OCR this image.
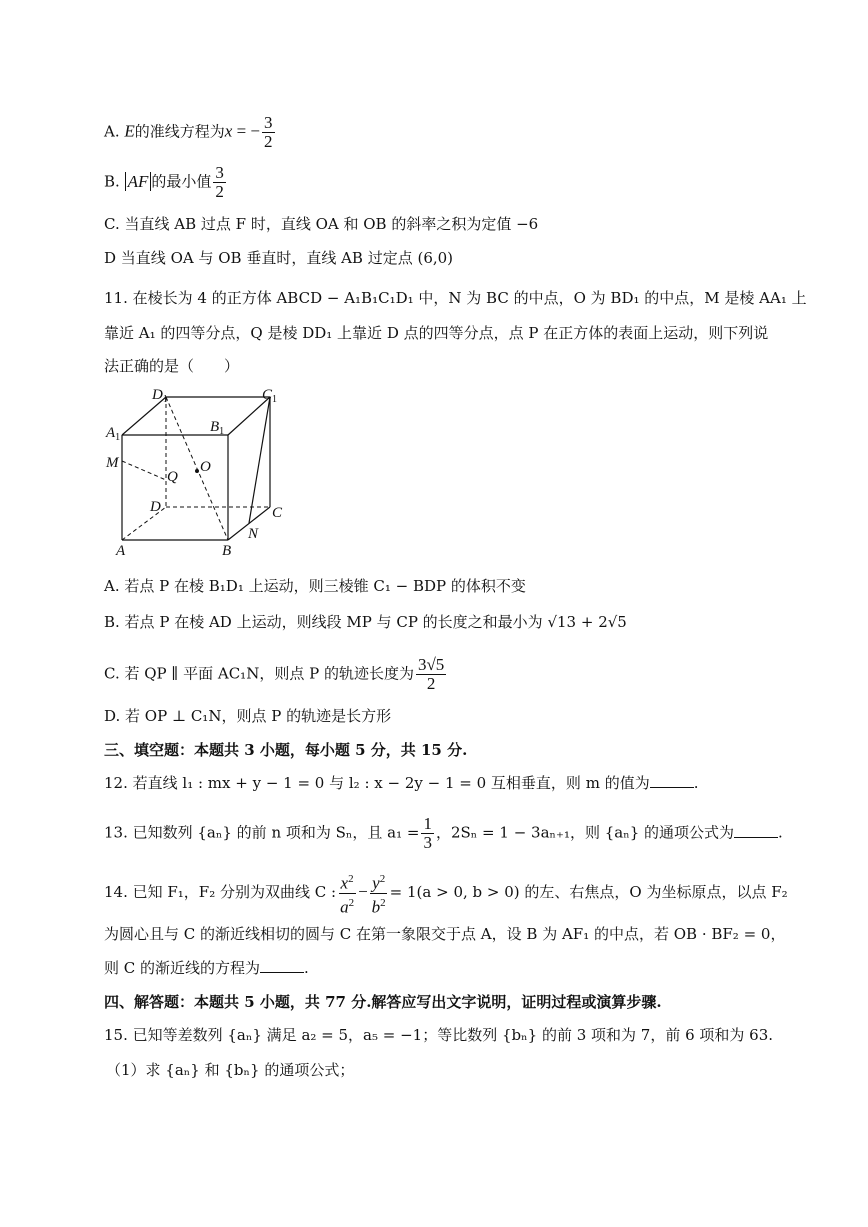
A. E的准线方程为x = − $\frac{3}{2}$
B. AF 的最小值 $\frac{3}{2}$
C. 当直线 AB 过点 F 时，直线 OA 和 OB 的斜率之积为定值 −6
D 当直线 OA 与 OB 垂直时，直线 AB 过定点 (6,0)
11. 在棱长为 4 的正方体 ABCD − A₁B₁C₁D₁ 中，N 为 BC 的中点，O 为 BD₁ 的中点，M 是棱 AA₁ 上
靠近 A₁ 的四等分点，Q 是棱 DD₁ 上靠近 D 点的四等分点，点 P 在正方体的表面上运动，则下列说
法正确的是（　　）
$D_1$	$C_1$
$A_1$
$B_1$
M
Q
O
D	C
A	B
N
A. 若点 P 在棱 B₁D₁ 上运动，则三棱锥 C₁ − BDP 的体积不变
B. 若点 P 在棱 AD 上运动，则线段 MP 与 CP 的长度之和最小为 √13 + 2√5
C. 若 QP ∥ 平面 AC₁N，则点 P 的轨迹长度为 $\frac{3√5}{2}$
D. 若 OP ⊥ C₁N，则点 P 的轨迹是长方形
三、填空题：本题共 3 小题，每小题 5 分，共 15 分.
12. 若直线 l₁ : mx + y − 1 = 0 与 l₂ : x − 2y − 1 = 0 互相垂直，则 m 的值为	.
13. 已知数列 {aₙ} 的前 n 项和为 Sₙ，且 $a_1 = \frac{1}{3}$ ，2Sₙ = 1 − 3aₙ₊₁，则 {aₙ} 的通项公式为	.
14. 已知 F₁，F₂ 分别为双曲线 C : $\frac{x^2}{a^2} - \frac{y^2}{b^2} = 1(a > 0$, b > 0) 的左、右焦点，O 为坐标原点，以点 F₂
为圆心且与 C 的渐近线相切的圆与 C 在第一象限交于点 A，设 B 为 AF₁ 的中点，若 OB · BF₂ = 0，
则 C 的渐近线的方程为	.
四、解答题：本题共 5 小题，共 77 分.解答应写出文字说明，证明过程或演算步骤.
15. 已知等差数列 {aₙ} 满足 a₂ = 5，a₅ = −1；等比数列 {bₙ} 的前 3 项和为 7，前 6 项和为 63.
（1）求 {aₙ} 和 {bₙ} 的通项公式；
